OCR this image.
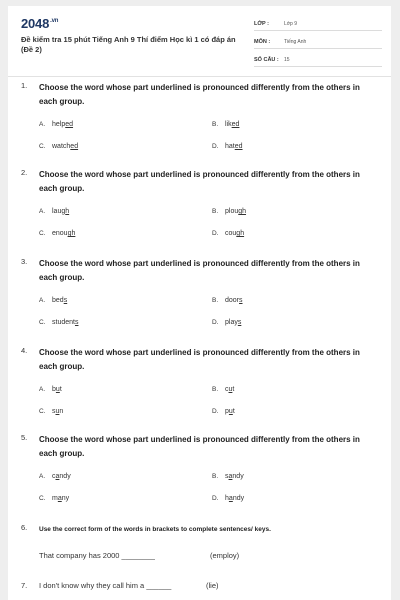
$2048^{.vn}$
Đề kiểm tra 15 phút Tiếng Anh 9 Thí điểm Học kì 1 có đáp án (Đề 2)
LỚP :	Lớp 9
MÔN :	Tiếng Anh
SỐ CÂU :	15
1. Choose the word whose part underlined is pronounced differently from the others in each group.
A. helped	B. liked
C. watched	D. hated
2. Choose the word whose part underlined is pronounced differently from the others in each group.
A. laugh	B. plough
C. enough	D. cough
3. Choose the word whose part underlined is pronounced differently from the others in each group.
A. beds	B. doors
C. students	D. plays
4. Choose the word whose part underlined is pronounced differently from the others in each group.
A. but	B. cut
C. sun	D. put
5. Choose the word whose part underlined is pronounced differently from the others in each group.
A. candy	B. sandy
C. many	D. handy
6. Use the correct form of the words in brackets to complete sentences/ keys.
That company has 2000 ________	(employ)
7. I don't know why they call him a ______	(lie)
